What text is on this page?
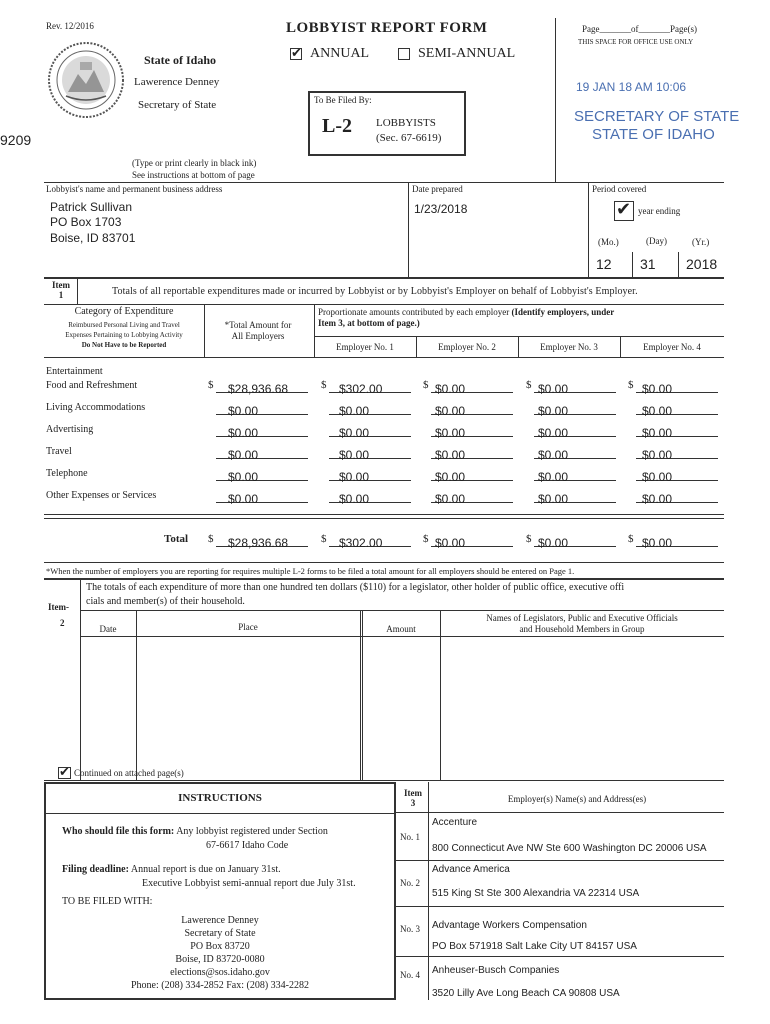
Rev. 12/2016	LOBBYIST REPORT FORM
✔ ANNUAL	SEMI-ANNUAL
Page_______of_______Page(s)
THIS SPACE FOR OFFICE USE ONLY
State of Idaho
Lawerence Denney
Secretary of State	To Be Filed By:
L-2 LOBBYISTS
(Sec. 67-6619)
9209
19 JAN 18 AM 10:06
SECRETARY OF STATE
STATE OF IDAHO
(Type or print clearly in black ink)
See instructions at bottom of page
Lobbyist's name and permanent business address
Patrick Sullivan
PO Box 1703
Boise, ID 83701
Date prepared
1/23/2018
Period covered
✔ year ending
(Mo.)	(Day)	(Yr.)
12 31 2018
Item
1	Totals of all reportable expenditures made or incurred by Lobbyist or by Lobbyist's Employer on behalf of Lobbyist's Employer.
Category of Expenditure
Reimbursed Personal Living and Travel
Expenses Pertaining to Lobbying Activity
Do Not Have to be Reported
*Total Amount for
All Employers
Proportionate amounts contributed by each employer (Identify employers, under
Item 3, at bottom of page.)
Employer No. 1	Employer No. 2	Employer No. 3	Employer No. 4
Entertainment
Food and Refreshment	$	$28,936.68	$	$302.00	$ $0.00	$ $0.00	$ $0.00
Living Accommodations	$0.00	$0.00	$0.00	$0.00	$0.00
Advertising	$0.00	$0.00	$0.00	$0.00	$0.00
Travel	$0.00	$0.00	$0.00	$0.00	$0.00
Telephone	$0.00	$0.00	$0.00	$0.00	$0.00
Other Expenses or Services	$0.00	$0.00	$0.00	$0.00	$0.00
Total $	$28,936.68	$	$302.00	$ $0.00	$ $0.00	$ $0.00
*When the number of employers you are reporting for requires multiple L-2 forms to be filed a total amount for all employers should be entered on Page 1.
Item-
2
The totals of each expenditure of more than one hundred ten dollars ($110) for a legislator, other holder of public office, executive offi
cials and member(s) of their household.
Date	Place	Amount
Names of Legislators, Public and Executive Officials
and Household Members in Group
✔ Continued on attached page(s)
INSTRUCTIONS
Who should file this form: Any lobbyist registered under Section
67-6617 Idaho Code
Filing deadline: Annual report is due on January 31st.
Executive Lobbyist semi-annual report due July 31st.
TO BE FILED WITH:
Lawerence Denney
Secretary of State
PO Box 83720
Boise, ID 83720-0080
elections@sos.idaho.gov
Phone: (208) 334-2852 Fax: (208) 334-2282
Item
3	Employer(s) Name(s) and Address(es)
No. 1
Accenture
800 Connecticut Ave NW Ste 600 Washington DC 20006 USA
No. 2
Advance America
515 King St Ste 300 Alexandria VA 22314 USA
No. 3 Advantage Workers Compensation
PO Box 571918 Salt Lake City UT 84157 USA
No. 4 Anheuser-Busch Companies
3520 Lilly Ave Long Beach CA 90808 USA
